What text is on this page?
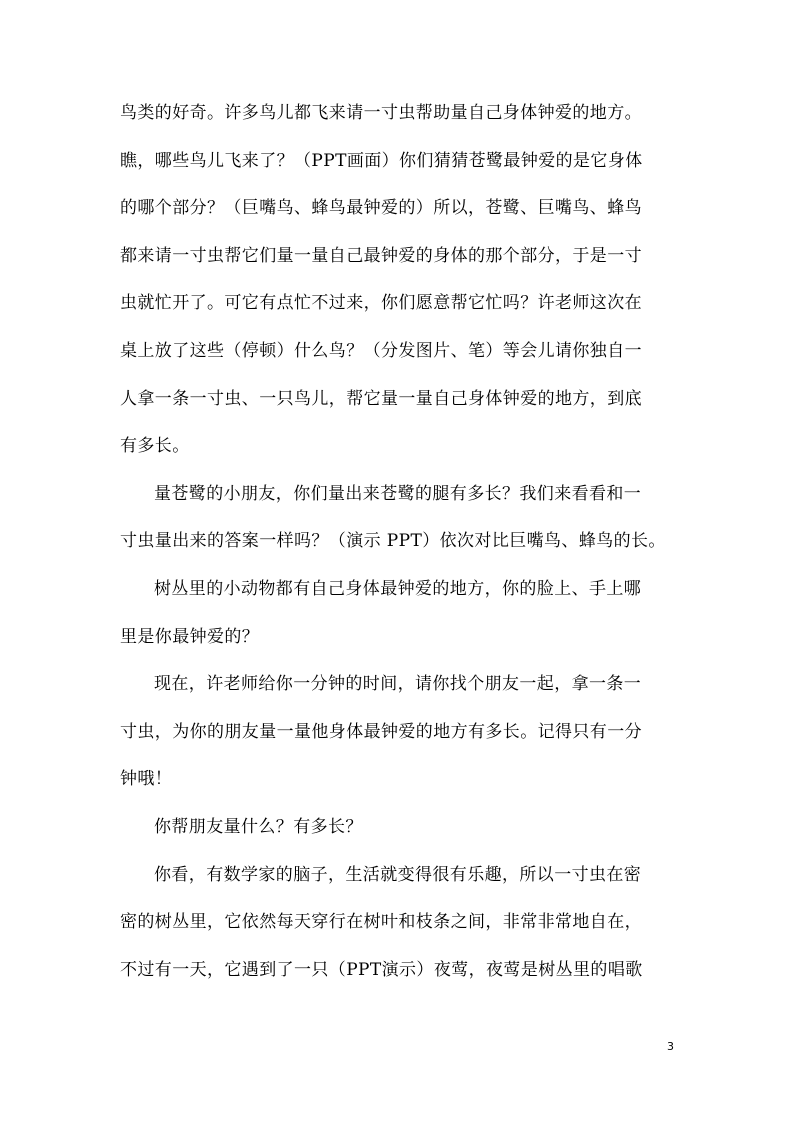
鸟类的好奇。许多鸟儿都飞来请一寸虫帮助量自己身体钟爱的地方。
瞧，哪些鸟儿飞来了？（PPT画面）你们猜猜苍鹭最钟爱的是它身体
的哪个部分？（巨嘴鸟、蜂鸟最钟爱的）所以，苍鹭、巨嘴鸟、蜂鸟
都来请一寸虫帮它们量一量自己最钟爱的身体的那个部分，于是一寸
虫就忙开了。可它有点忙不过来，你们愿意帮它忙吗？许老师这次在
桌上放了这些（停顿）什么鸟？（分发图片、笔）等会儿请你独自一
人拿一条一寸虫、一只鸟儿，帮它量一量自己身体钟爱的地方，到底
有多长。
量苍鹭的小朋友，你们量出来苍鹭的腿有多长？我们来看看和一
寸虫量出来的答案一样吗？（演示 PPT）依次对比巨嘴鸟、蜂鸟的长。
树丛里的小动物都有自己身体最钟爱的地方，你的脸上、手上哪
里是你最钟爱的？
现在，许老师给你一分钟的时间，请你找个朋友一起，拿一条一
寸虫，为你的朋友量一量他身体最钟爱的地方有多长。记得只有一分
钟哦！
你帮朋友量什么？有多长？
你看，有数学家的脑子，生活就变得很有乐趣，所以一寸虫在密
密的树丛里，它依然每天穿行在树叶和枝条之间，非常非常地自在，
不过有一天，它遇到了一只（PPT演示）夜莺，夜莺是树丛里的唱歌
3
